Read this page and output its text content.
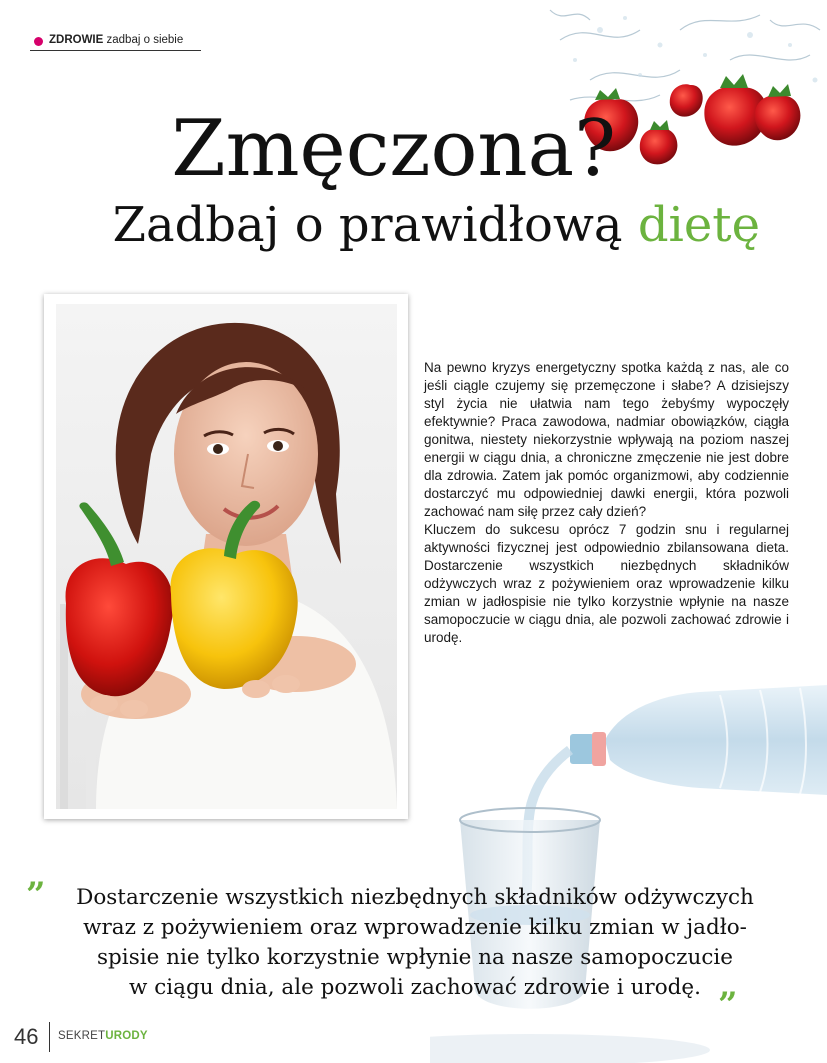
ZDROWIE zadbaj o siebie
Zmęczona?
Zadbaj o prawidłową dietę

Na pewno kryzys energetyczny spotka każdą z nas, ale co jeśli ciągle czujemy się przemęczone i słabe? A dzisiejszy styl życia nie ułatwia nam tego żebyśmy wypoczęły efektywnie? Praca zawodowa, nadmiar obowiązków, ciągła gonitwa, niestety niekorzystnie wpływają na poziom naszej energii w ciągu dnia, a chroniczne zmęczenie nie jest dobre dla zdrowia. Zatem jak pomóc organizmowi, aby codziennie dostarczyć mu odpowiedniej dawki energii, która pozwoli zachować nam siłę przez cały dzień?

Kluczem do sukcesu oprócz 7 godzin snu i regularnej aktywności fizycznej jest odpowiednio zbilansowana dieta. Dostarczenie wszystkich niezbędnych składników odżywczych wraz z pożywieniem oraz wprowadzenie kilku zmian w jadłospisie nie tylko korzystnie wpłynie na nasze samopoczucie w ciągu dnia, ale pozwoli zachować zdrowie i urodę.

”	Dostarczenie wszystkich niezbędnych składników odżywczych
wraz z pożywieniem oraz wprowadzenie kilku zmian w jadło-
spisie nie tylko korzystnie wpłynie na nasze samopoczucie
w ciągu dnia, ale pozwoli zachować zdrowie i urodę. ”
46 SEKRETURODY
